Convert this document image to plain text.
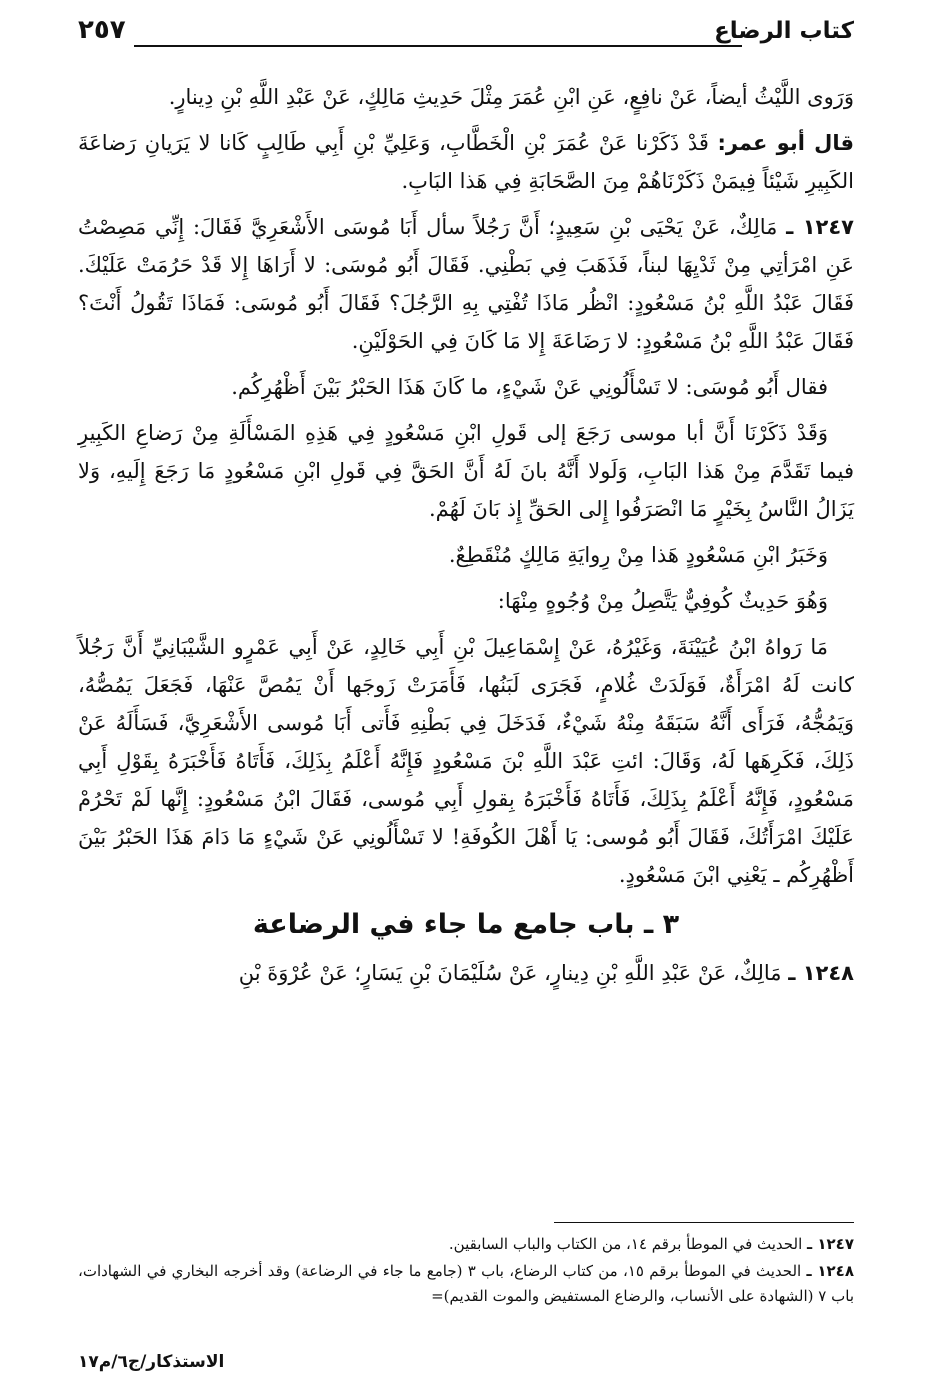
كتاب الرضاع
٢٥٧

وَرَوى اللَّيْثُ أيضاً، عَنْ نافِعٍ، عَنِ ابْنِ عُمَرَ مِثْلَ حَدِيثِ مَالِكٍ، عَنْ عَبْدِ اللَّهِ بْنِ دِينارٍ.

قال أبو عمر: قَدْ ذَكَرْنا عَنْ عُمَرَ بْنِ الْخَطَّابِ، وَعَلِيِّ بْنِ أَبِي طَالِبٍ كَانا لا يَرَيانِ رَضاعَةَ الكَبِيرِ شَيْئاً فِيمَنْ ذَكَرْنَاهُمْ مِنَ الصَّحَابَةِ فِي هَذا البَابِ.

١٢٤٧ ـ مَالِكٌ، عَنْ يَحْيَى بْنِ سَعِيدٍ؛ أَنَّ رَجُلاً سأل أَبَا مُوسَى الأَشْعَرِيَّ فَقَالَ: إِنِّي مَصِصْتُ عَنِ امْرَأتِي مِنْ ثَدْيِهَا لبناً، فَذَهَبَ فِي بَطْنِي. فَقَالَ أَبُو مُوسَى: لا أَرَاهَا إِلا قَدْ حَرُمَتْ عَلَيْكَ. فَقَالَ عَبْدُ اللَّهِ بْنُ مَسْعُودٍ: انْظُر مَاذَا تُفْتِي بِهِ الرَّجُلَ؟ فَقَالَ أَبُو مُوسَى: فَمَاذَا تَقُولُ أَنْتَ؟ فَقَالَ عَبْدُ اللَّهِ بْنُ مَسْعُودٍ: لا رَضَاعَةَ إِلا مَا كَانَ فِي الحَوْلَيْنِ.

فقال أَبُو مُوسَى: لا تَسْأَلُونِي عَنْ شَيْءٍ، ما كَانَ هَذَا الحَبْرُ بَيْنَ أَظْهُرِكُم.

وَقَدْ ذَكَرْنَا أَنَّ أبا موسى رَجَعَ إلى قَولِ ابْنِ مَسْعُودٍ فِي هَذِهِ المَسْأَلَةِ مِنْ رَضاعِ الكَبِيرِ فيما تَقَدَّمَ مِنْ هَذا البَابِ، وَلَولا أَنَّهُ بانَ لَهُ أَنَّ الحَقَّ فِي قَولِ ابْنِ مَسْعُودٍ مَا رَجَعَ إِلَيهِ، وَلا يَزَالُ النَّاسُ بِخَيْرٍ مَا انْصَرَفُوا إِلى الحَقِّ إِذ بَانَ لَهُمْ.

وَخَبَرُ ابْنِ مَسْعُودٍ هَذا مِنْ رِوايَةِ مَالِكٍ مُنْقَطِعٌ.

وَهُوَ حَدِيثٌ كُوفِيٌّ يَتَّصِلُ مِنْ وُجُوهٍ مِنْهَا:

مَا رَواهُ ابْنُ عُيَيْنَةَ، وَغَيْرُهُ، عَنْ إِسْمَاعِيلَ بْنِ أَبِي خَالِدٍ، عَنْ أَبِي عَمْرٍو الشَّيْبَانِيِّ أَنَّ رَجُلاً كانت لَهُ امْرَأَةٌ، فَوَلَدَتْ غُلامٍ، فَجَرَى لَبَنُها، فَأَمَرَتْ زَوجَها أَنْ يَمُصَّ عَنْهَا، فَجَعَلَ يَمُصُّهُ، وَيَمُجُّهُ، فَرَأَى أَنَّهُ سَبَقَهُ مِنْهُ شَيْءٌ، فَدَخَلَ فِي بَطْنِهِ فَأَتى أَبَا مُوسى الأَشْعَرِيَّ، فَسَأَلَهُ عَنْ ذَلِكَ، فَكَرِهَها لَهُ، وَقَالَ: ائتِ عَبْدَ اللَّهِ بْنَ مَسْعُودٍ فَإِنَّهُ أَعْلَمُ بِذَلِكَ، فَأَتَاهُ فَأَخْبَرَهُ بِقَوْلِ أَبِي مَسْعُودٍ، فَإِنَّهُ أَعْلَمُ بِذَلِكَ، فَأَتَاهُ فَأَخْبَرَهُ بِقولِ أَبِي مُوسى، فَقَالَ ابْنُ مَسْعُودٍ: إِنَّها لَمْ تَحْرُمْ عَلَيْكَ امْرَأَتُكَ، فَقَالَ أَبُو مُوسى: يَا أَهْلَ الكُوفَةِ! لا تَسْأَلُونِي عَنْ شَيْءٍ مَا دَامَ هَذَا الحَبْرُ بَيْنَ أَظْهُرِكُم ـ يَعْنِي ابْنَ مَسْعُودٍ.

٣ ـ باب جامع ما جاء في الرضاعة

١٢٤٨ ـ مَالِكٌ، عَنْ عَبْدِ اللَّهِ بْنِ دِينارٍ، عَنْ سُلَيْمَانَ بْنِ يَسَارٍ؛ عَنْ عُرْوَةَ بْنِ

١٢٤٧ ـ الحديث في الموطأ برقم ١٤، من الكتاب والباب السابقين.

١٢٤٨ ـ الحديث في الموطأ برقم ١٥، من كتاب الرضاع، باب ٣ (جامع ما جاء في الرضاعة) وقد أخرجه البخاري في الشهادات، باب ٧ (الشهادة على الأنساب، والرضاع المستفيض والموت القديم)=

الاستذكار/ج٦/م١٧
